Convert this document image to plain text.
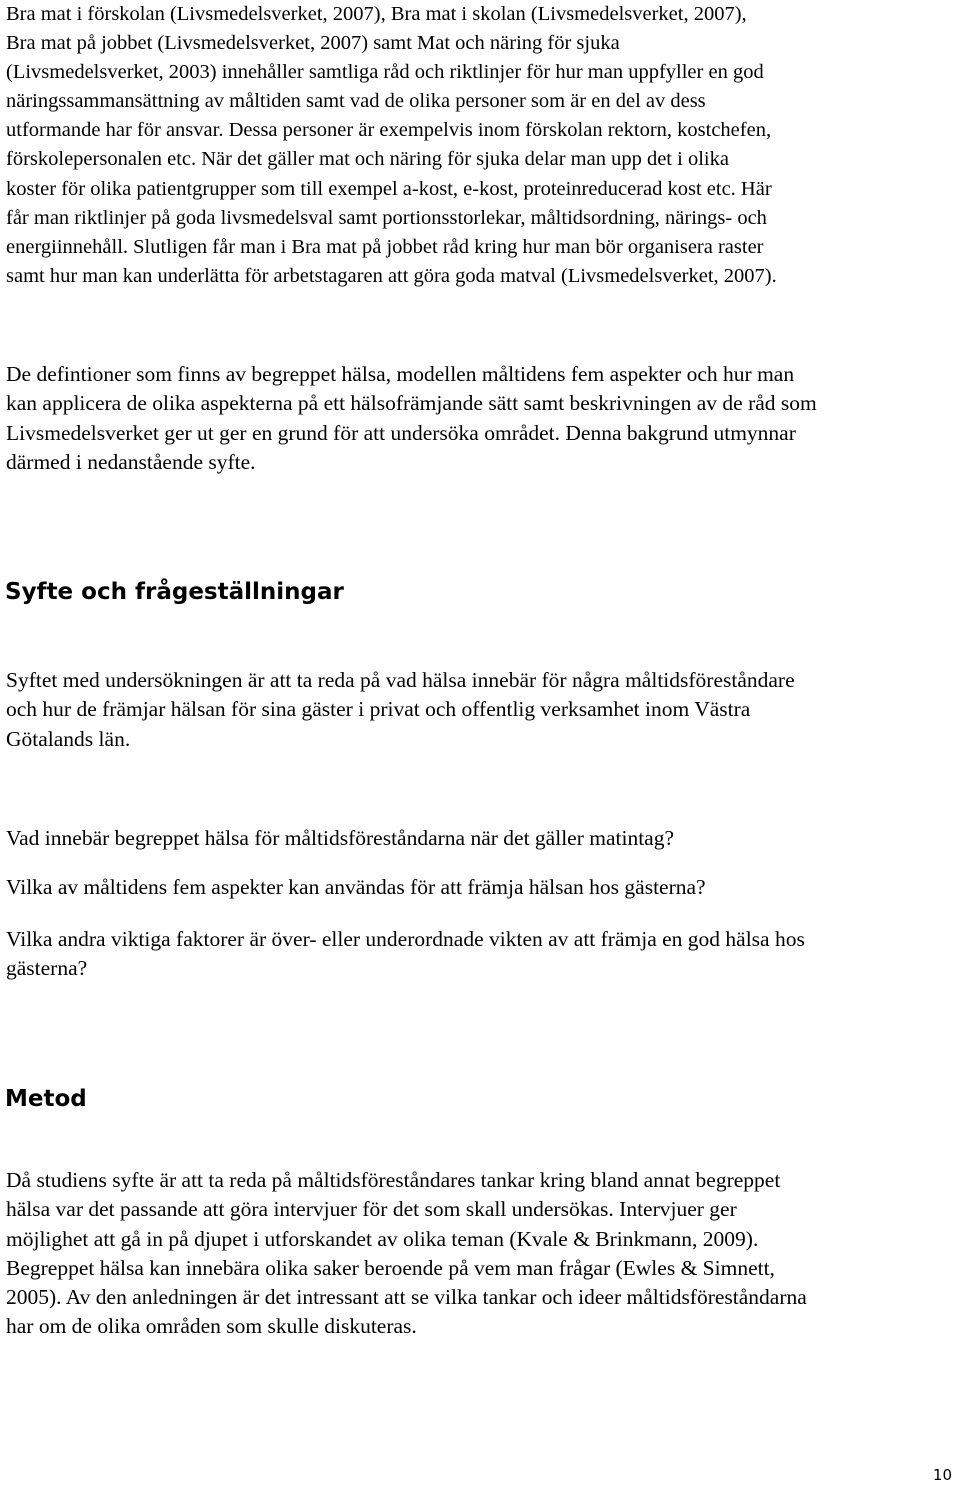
Bra mat i förskolan (Livsmedelsverket, 2007), Bra mat i skolan (Livsmedelsverket, 2007),
Bra mat på jobbet (Livsmedelsverket, 2007) samt Mat och näring för sjuka
(Livsmedelsverket, 2003) innehåller samtliga råd och riktlinjer för hur man uppfyller en god
näringssammansättning av måltiden samt vad de olika personer som är en del av dess
utformande har för ansvar. Dessa personer är exempelvis inom förskolan rektorn, kostchefen,
förskolepersonalen etc. När det gäller mat och näring för sjuka delar man upp det i olika
koster för olika patientgrupper som till exempel a-kost, e-kost, proteinreducerad kost etc. Här
får man riktlinjer på goda livsmedelsval samt portionsstorlekar, måltidsordning, närings- och
energiinnehåll. Slutligen får man i Bra mat på jobbet råd kring hur man bör organisera raster
samt hur man kan underlätta för arbetstagaren att göra goda matval (Livsmedelsverket, 2007).

De defintioner som finns av begreppet hälsa, modellen måltidens fem aspekter och hur man
kan applicera de olika aspekterna på ett hälsofrämjande sätt samt beskrivningen av de råd som
Livsmedelsverket ger ut ger en grund för att undersöka området. Denna bakgrund utmynnar
därmed i nedanstående syfte.

Syfte och frågeställningar

Syftet med undersökningen är att ta reda på vad hälsa innebär för några måltidsföreståndare
och hur de främjar hälsan för sina gäster i privat och offentlig verksamhet inom Västra
Götalands län.

Vad innebär begreppet hälsa för måltidsföreståndarna när det gäller matintag?

Vilka av måltidens fem aspekter kan användas för att främja hälsan hos gästerna?

Vilka andra viktiga faktorer är över- eller underordnade vikten av att främja en god hälsa hos
gästerna?

Metod

Då studiens syfte är att ta reda på måltidsföreståndares tankar kring bland annat begreppet
hälsa var det passande att göra intervjuer för det som skall undersökas. Intervjuer ger
möjlighet att gå in på djupet i utforskandet av olika teman (Kvale & Brinkmann, 2009).
Begreppet hälsa kan innebära olika saker beroende på vem man frågar (Ewles & Simnett,
2005). Av den anledningen är det intressant att se vilka tankar och ideer måltidsföreståndarna
har om de olika områden som skulle diskuteras.

10
